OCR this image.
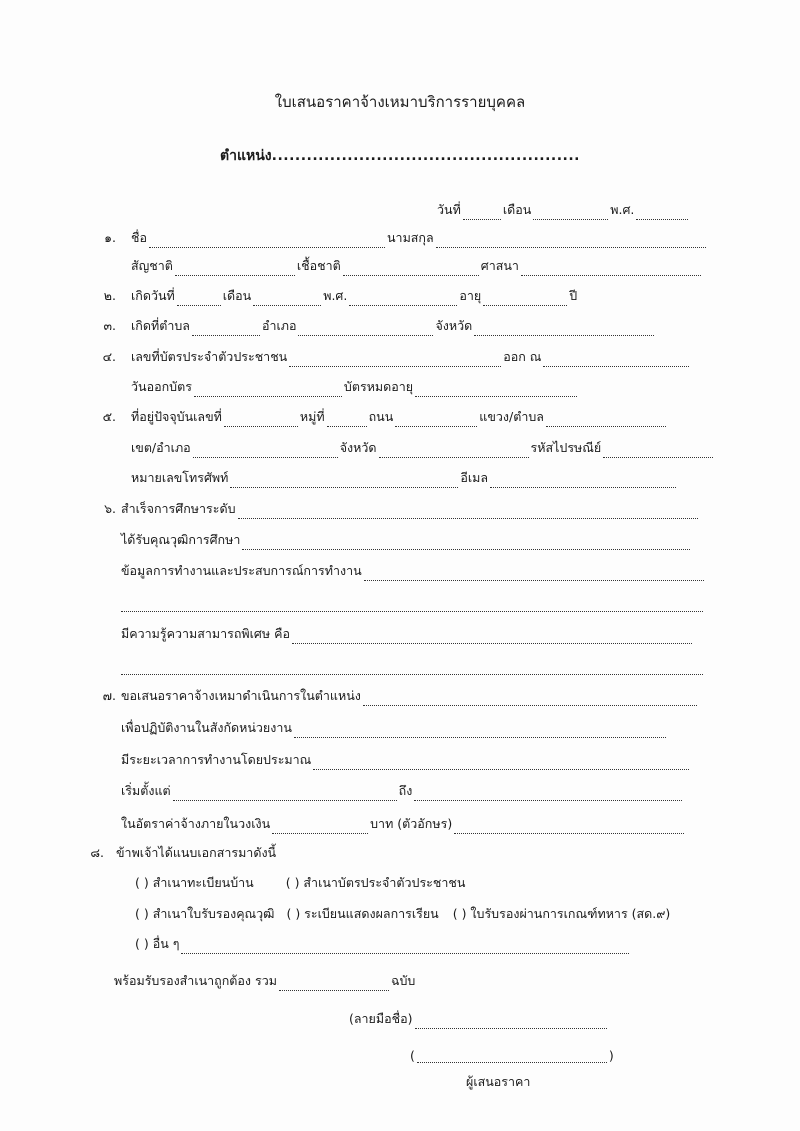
ใบเสนอราคาจ้างเหมาบริการรายบุคคล
ตำแหน่ง.....................................................
วันที่	เดือน	พ.ศ.
๑. ชื่อ	นามสกุล
สัญชาติ	เชื้อชาติ	ศาสนา
๒. เกิดวันที่	เดือน	พ.ศ.	อายุ	ปี
๓. เกิดที่ตำบล	อำเภอ	จังหวัด
๔. เลขที่บัตรประจำตัวประชาชน	ออก ณ
วันออกบัตร	บัตรหมดอายุ
๕. ที่อยู่ปัจจุบันเลขที่	หมู่ที่	ถนน	แขวง/ตำบล
เขต/อำเภอ	จังหวัด	รหัสไปรษณีย์
หมายเลขโทรศัพท์	อีเมล
๖. สำเร็จการศึกษาระดับ
ได้รับคุณวุฒิการศึกษา
ข้อมูลการทำงานและประสบการณ์การทำงาน
มีความรู้ความสามารถพิเศษ คือ
๗. ขอเสนอราคาจ้างเหมาดำเนินการในตำแหน่ง
เพื่อปฏิบัติงานในสังกัดหน่วยงาน
มีระยะเวลาการทำงานโดยประมาณ
เริ่มตั้งแต่	ถึง
ในอัตราค่าจ้างภายในวงเงิน	บาท (ตัวอักษร)
๘. ข้าพเจ้าได้แนบเอกสารมาดังนี้
( ) สำเนาทะเบียนบ้าน	( ) สำเนาบัตรประจำตัวประชาชน
( ) สำเนาใบรับรองคุณวุฒิ ( ) ระเบียนแสดงผลการเรียน ( ) ใบรับรองผ่านการเกณฑ์ทหาร (สด.๙)
( ) อื่น ๆ
พร้อมรับรองสำเนาถูกต้อง รวม	ฉบับ
(ลายมือชื่อ)
(	)
ผู้เสนอราคา
